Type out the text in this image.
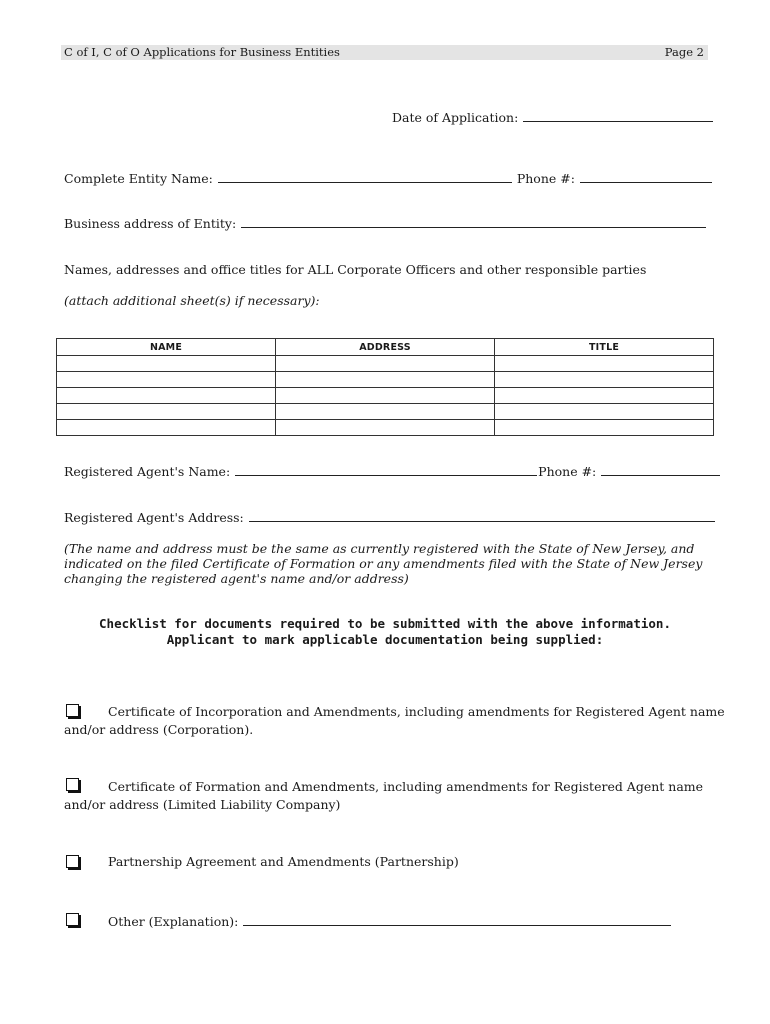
C of I, C of O Applications for Business Entities	Page 2
Date of Application:
Complete Entity Name:	Phone #:
Business address of Entity:
Names, addresses and office titles for ALL Corporate Officers and other responsible parties
(attach additional sheet(s) if necessary):
NAME	ADDRESS	TITLE

Registered Agent's Name:	Phone #:
Registered Agent's Address:
(The name and address must be the same as currently registered with the State of New Jersey, and indicated on the filed Certificate of Formation or any amendments filed with the State of New Jersey changing the registered agent's name and/or address)
Checklist for documents required to be submitted with the above information.
Applicant to mark applicable documentation being supplied:
Certificate of Incorporation and Amendments, including amendments for Registered Agent name
and/or address (Corporation).
Certificate of Formation and Amendments, including amendments for Registered Agent name
and/or address (Limited Liability Company)
Partnership Agreement and Amendments (Partnership)
Other (Explanation):
